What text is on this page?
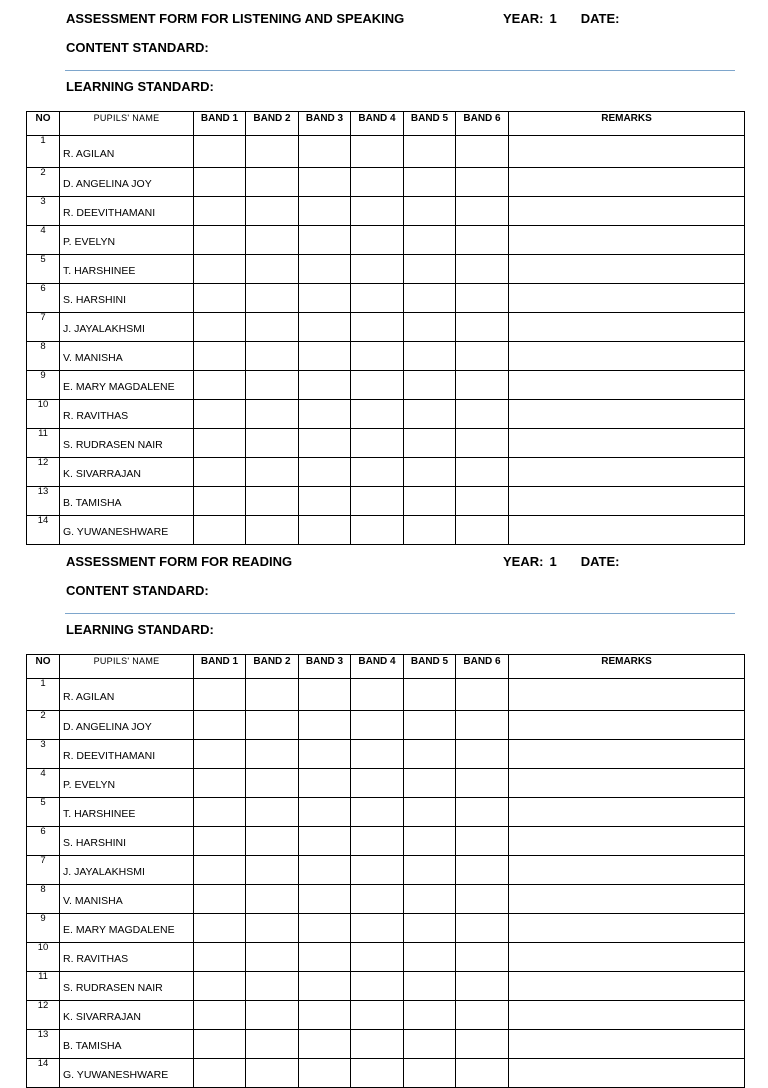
ASSESSMENT FORM FOR LISTENING AND SPEAKING	YEAR: 1 DATE:
CONTENT STANDARD:
LEARNING STANDARD:
NO	PUPILS' NAME	BAND 1	BAND 2	BAND 3	BAND 4	BAND 5	BAND 6	REMARKS
1	R. AGILAN							
2	D. ANGELINA JOY							
3	R. DEEVITHAMANI							
4	P. EVELYN							
5	T. HARSHINEE							
6	S. HARSHINI							
7	J. JAYALAKHSMI							
8	V. MANISHA							
9	E. MARY MAGDALENE							
10	R. RAVITHAS							
11	S. RUDRASEN NAIR							
12	K. SIVARRAJAN							
13	B. TAMISHA							
14	G. YUWANESHWARE							
ASSESSMENT FORM FOR READING	YEAR: 1 DATE:
CONTENT STANDARD:
LEARNING STANDARD:
NO	PUPILS' NAME	BAND 1	BAND 2	BAND 3	BAND 4	BAND 5	BAND 6	REMARKS
1	R. AGILAN							
2	D. ANGELINA JOY							
3	R. DEEVITHAMANI							
4	P. EVELYN							
5	T. HARSHINEE							
6	S. HARSHINI							
7	J. JAYALAKHSMI							
8	V. MANISHA							
9	E. MARY MAGDALENE							
10	R. RAVITHAS							
11	S. RUDRASEN NAIR							
12	K. SIVARRAJAN							
13	B. TAMISHA							
14	G. YUWANESHWARE							
